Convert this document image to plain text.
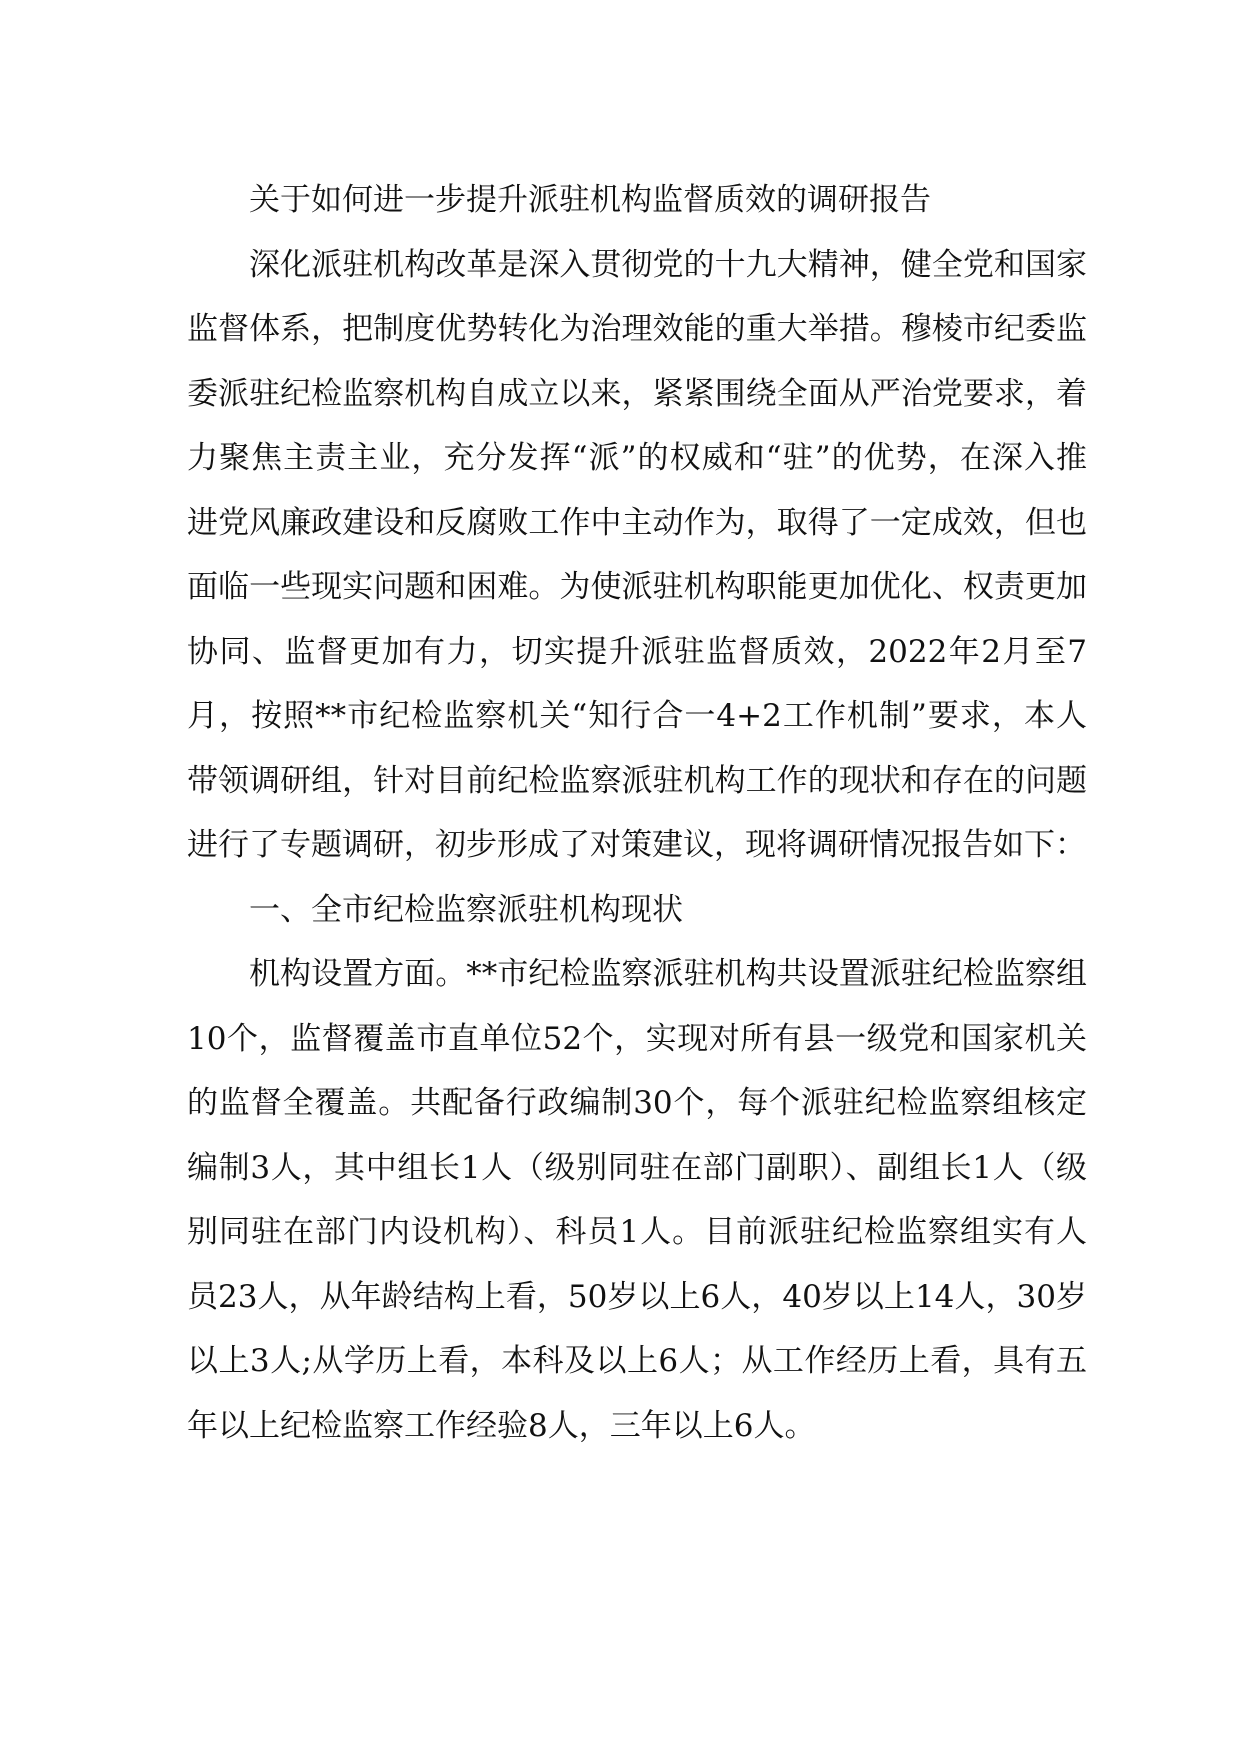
关于如何进一步提升派驻机构监督质效的调研报告

深化派驻机构改革是深入贯彻党的十九大精神，健全党和国家监督体系，把制度优势转化为治理效能的重大举措。穆棱市纪委监委派驻纪检监察机构自成立以来，紧紧围绕全面从严治党要求，着力聚焦主责主业，充分发挥“派”的权威和“驻”的优势，在深入推进党风廉政建设和反腐败工作中主动作为，取得了一定成效，但也面临一些现实问题和困难。为使派驻机构职能更加优化、权责更加协同、监督更加有力，切实提升派驻监督质效，2022年2月至7月，按照**市纪检监察机关“知行合一4+2工作机制”要求，本人带领调研组，针对目前纪检监察派驻机构工作的现状和存在的问题进行了专题调研，初步形成了对策建议，现将调研情况报告如下：

一、全市纪检监察派驻机构现状

机构设置方面。**市纪检监察派驻机构共设置派驻纪检监察组10个，监督覆盖市直单位52个，实现对所有县一级党和国家机关的监督全覆盖。共配备行政编制30个，每个派驻纪检监察组核定编制3人，其中组长1人（级别同驻在部门副职）、副组长1人（级别同驻在部门内设机构）、科员1人。目前派驻纪检监察组实有人员23人，从年龄结构上看，50岁以上6人，40岁以上14人，30岁以上3人;从学历上看，本科及以上6人；从工作经历上看，具有五年以上纪检监察工作经验8人，三年以上6人。
